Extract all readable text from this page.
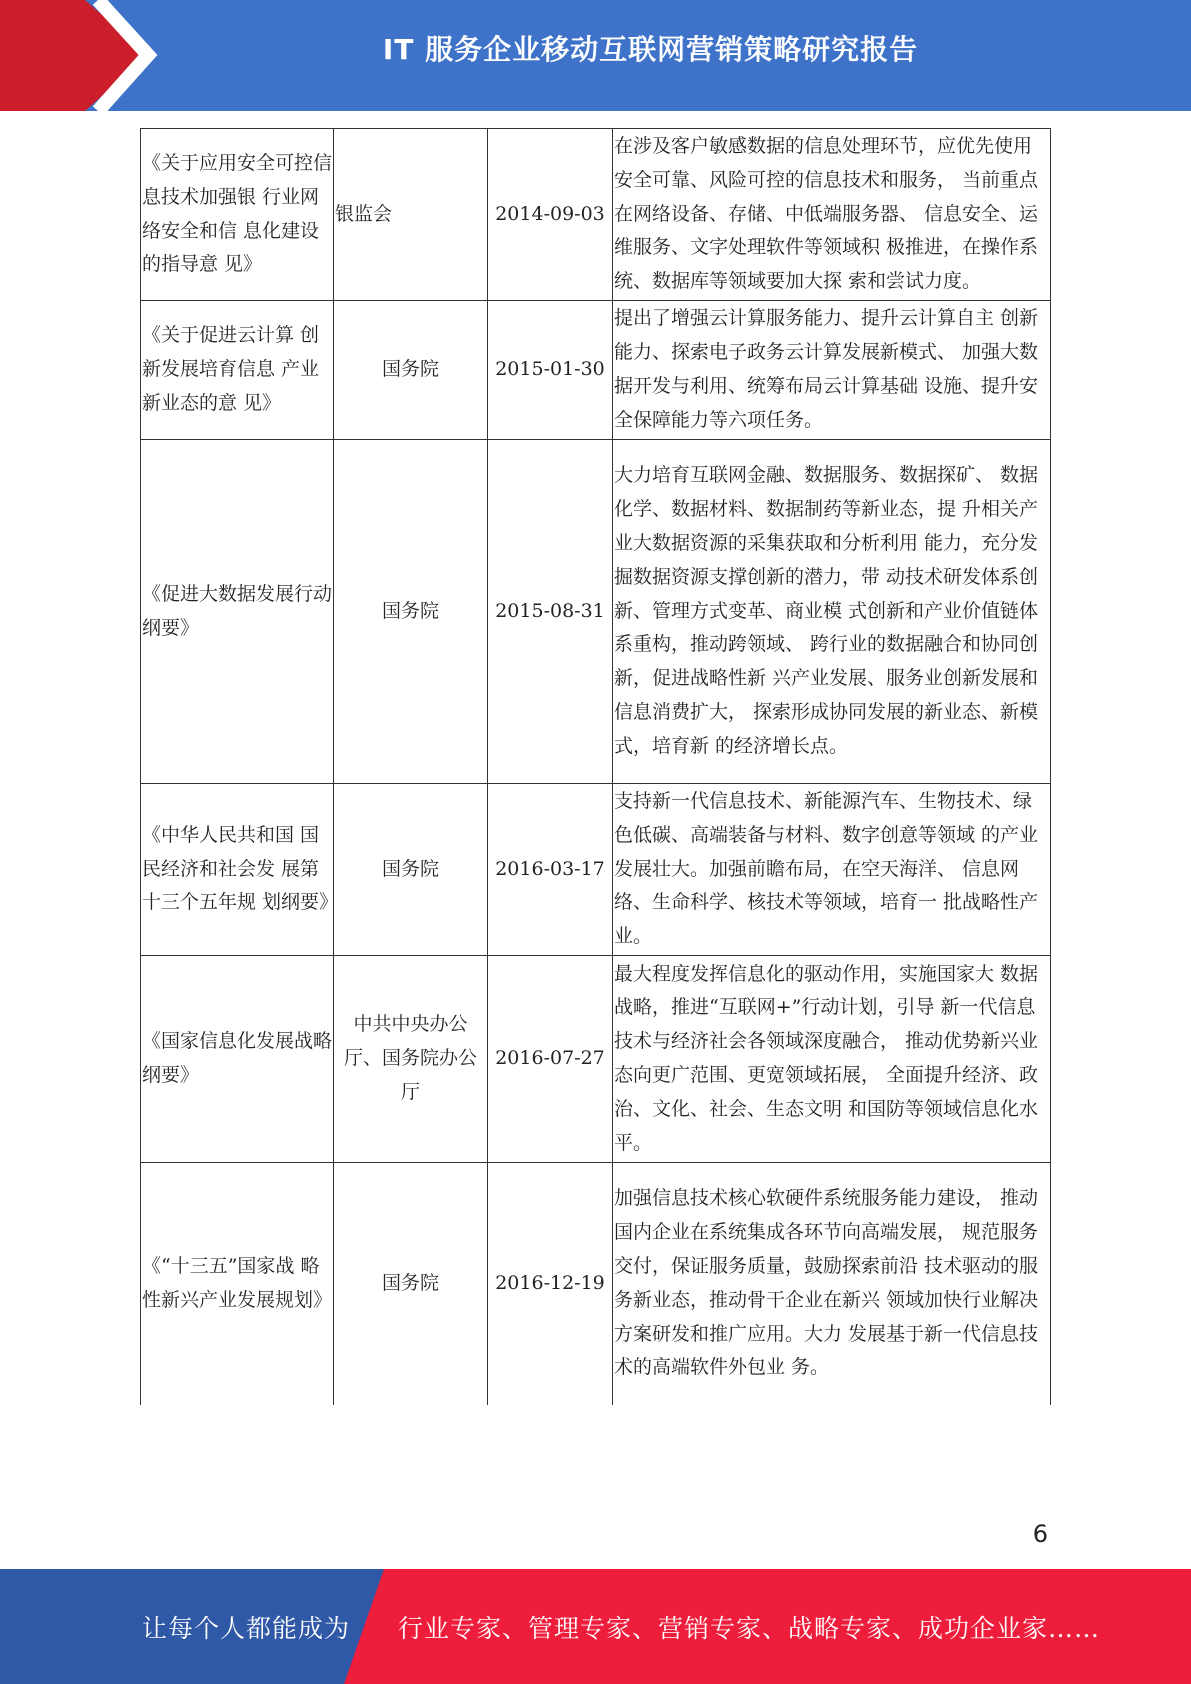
IT 服务企业移动互联网营销策略研究报告
《关于应用安全可控信息技术加强银 行业网络安全和信 息化建设的指导意 见》	银监会	2014-09-03	在涉及客户敏感数据的信息处理环节，应优先使用安全可靠、风险可控的信息技术和服务， 当前重点在网络设备、存储、中低端服务器、 信息安全、运维服务、文字处理软件等领域积 极推进，在操作系统、数据库等领域要加大探 索和尝试力度。
《关于促进云计算 创新发展培育信息 产业新业态的意 见》	国务院	2015-01-30	提出了增强云计算服务能力、提升云计算自主 创新能力、探索电子政务云计算发展新模式、 加强大数据开发与利用、统筹布局云计算基础 设施、提升安全保障能力等六项任务。
《促进大数据发展行动纲要》	国务院	2015-08-31	大力培育互联网金融、数据服务、数据探矿、 数据化学、数据材料、数据制药等新业态，提 升相关产业大数据资源的采集获取和分析利用 能力，充分发掘数据资源支撑创新的潜力，带 动技术研发体系创新、管理方式变革、商业模 式创新和产业价值链体系重构，推动跨领域、 跨行业的数据融合和协同创新，促进战略性新 兴产业发展、服务业创新发展和信息消费扩大， 探索形成协同发展的新业态、新模式，培育新 的经济增长点。
《中华人民共和国 国民经济和社会发 展第十三个五年规 划纲要》	国务院	2016-03-17	支持新一代信息技术、新能源汽车、生物技术、绿色低碳、高端装备与材料、数字创意等领域 的产业发展壮大。加强前瞻布局，在空天海洋、 信息网络、生命科学、核技术等领域，培育一 批战略性产业。
《国家信息化发展战略纲要》	中共中央办公厅、国务院办公厅	2016-07-27	最大程度发挥信息化的驱动作用，实施国家大 数据战略，推进“互联网+”行动计划，引导 新一代信息技术与经济社会各领域深度融合， 推动优势新兴业态向更广范围、更宽领域拓展， 全面提升经济、政治、文化、社会、生态文明 和国防等领域信息化水平。
《“十三五”国家战 略性新兴产业发展规划》	国务院	2016-12-19	加强信息技术核心软硬件系统服务能力建设， 推动国内企业在系统集成各环节向高端发展， 规范服务交付，保证服务质量，鼓励探索前沿 技术驱动的服务新业态，推动骨干企业在新兴 领域加快行业解决方案研发和推广应用。大力 发展基于新一代信息技术的高端软件外包业 务。
6
让每个人都能成为 行业专家、管理专家、营销专家、战略专家、成功企业家……
